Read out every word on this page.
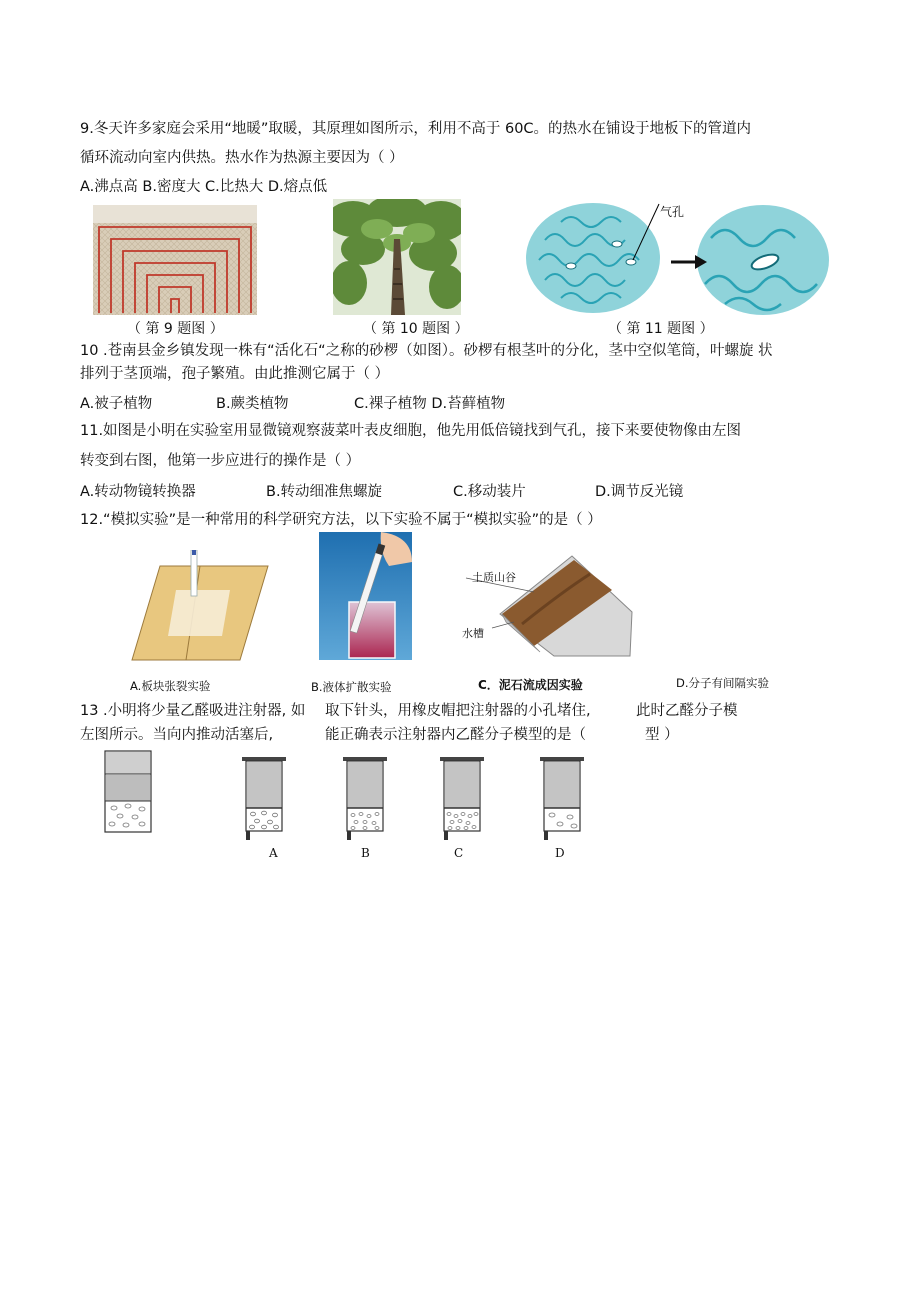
9.冬天许多家庭会采用“地暖”取暖，其原理如图所示，利用不高于 60C。的热水在铺设于地板下的管道内
循环流动向室内供热。热水作为热源主要因为（ ）
A.沸点高 B.密度大 C.比热大 D.熔点低
气孔
（ 第 9 题图 ）	（ 第 10 题图 ）	（ 第 11 题图 ）
10 .苍南县金乡镇发现一株有“活化石“之称的砂椤（如图）。砂椤有根茎叶的分化，茎中空似笔筒，叶螺旋 状
排列于茎顶端，孢子繁殖。由此推测它属于（ ）
A.被子植物	B.蕨类植物	C.裸子植物 D.苔藓植物
11.如图是小明在实验室用显微镜观察菠菜叶表皮细胞，他先用低倍镜找到气孔，接下来要使物像由左图
转变到右图，他第一步应进行的操作是（ ）
A.转动物镜转换器	B.转动细准焦螺旋	C.移动装片	D.调节反光镜
12.“模拟实验”是一种常用的科学研究方法，以下实验不属于“模拟实验”的是（ ）
A.板块张裂实验	B.液体扩散实验
土质山谷
水槽
C．泥石流成因实验	D.分子有间隔实验
13 .小明将少量乙醛吸进注射器, 如 取下针头，用橡皮帽把注射器的小孔堵住,	此时乙醛分子模
左图所示。当向内推动活塞后,	能正确表示注射器内乙醛分子模型的是（	型 ）
A	B	C	D
